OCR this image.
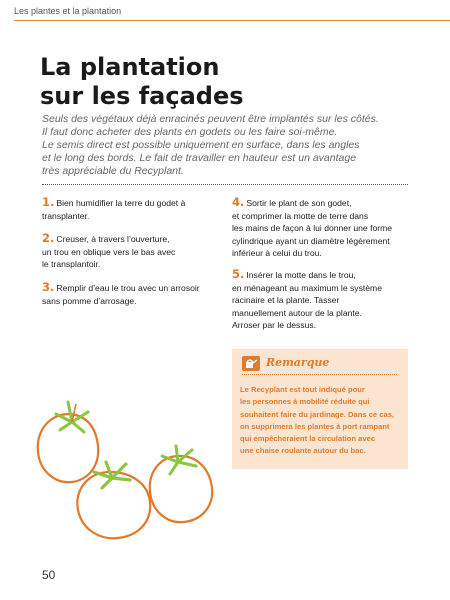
Les plantes et la plantation
La plantation
sur les façades
Seuls des végétaux déjà enracinés peuvent être implantés sur les côtés.
Il faut donc acheter des plants en godets ou les faire soi-même.
Le semis direct est possible uniquement en surface, dans les angles
et le long des bords. Le fait de travailler en hauteur est un avantage
très appréciable du Recyplant.
1. Bien humidifier la terre du godet à
transplanter.
2. Creuser, à travers l’ouverture,
un trou en oblique vers le bas avec
le transplantoir.
3. Remplir d’eau le trou avec un arrosoir
sans pomme d’arrosage.
4. Sortir le plant de son godet,
et comprimer la motte de terre dans
les mains de façon à lui donner une forme
cylindrique ayant un diamètre légèrement
inférieur à celui du trou.
5. Insérer la motte dans le trou,
en ménageant au maximum le système
racinaire et la plante. Tasser
manuellement autour de la plante.
Arroser par le dessus.
Remarque
Le Recyplant est tout indiqué pour
les personnes à mobilité réduite qui
souhaitent faire du jardinage. Dans ce cas,
on supprimera les plantes à port rampant
qui empêcheraient la circulation avec
une chaise roulante autour du bac.
50
